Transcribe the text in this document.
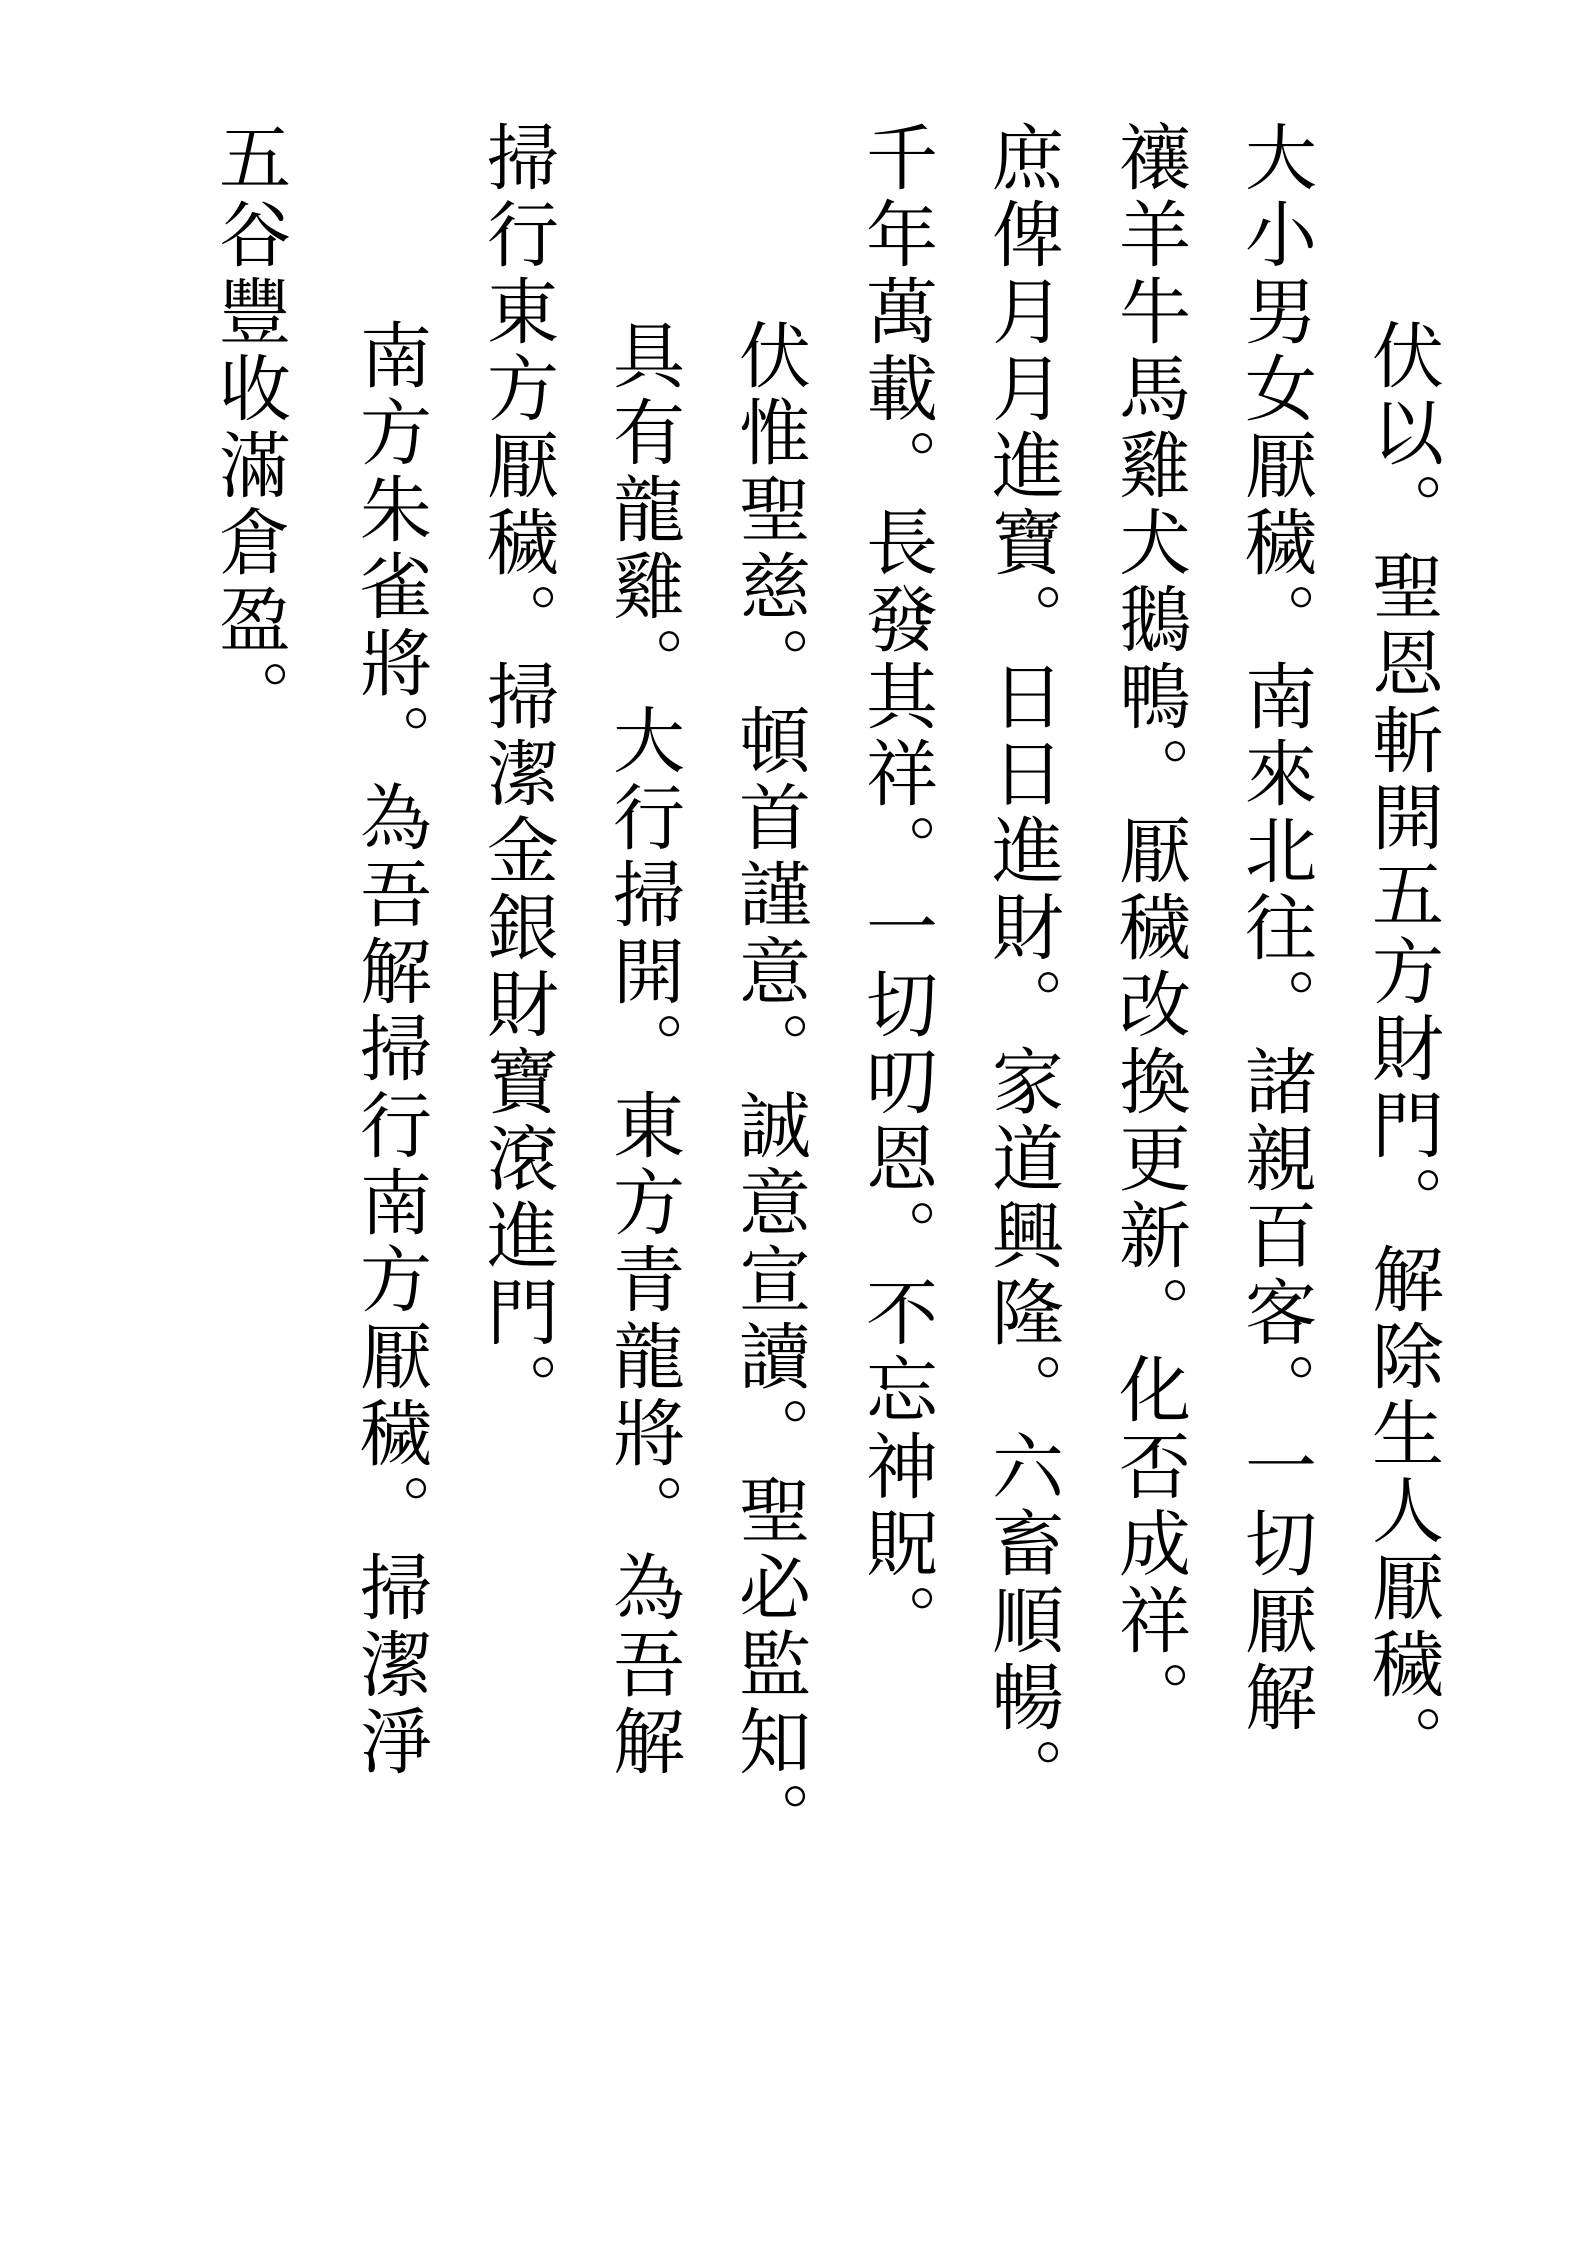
伏以。聖恩斬開五方財門。解除生人厭穢。
大小男女厭穢。南來北往。諸親百客。一切厭解
禳羊牛馬雞犬鵝鴨。厭穢改換更新。化否成祥。
庶俾月月進寶。日日進財。家道興隆。六畜順暢。
千年萬載。長發其祥。一切叨恩。不忘神貺。
伏惟聖慈。頓首謹意。誠意宣讀。聖必監知。
具有龍雞。大行掃開。東方青龍將。為吾解
掃行東方厭穢。掃潔金銀財寶滾進門。
南方朱雀將。為吾解掃行南方厭穢。掃潔淨
五谷豐收滿倉盈。
